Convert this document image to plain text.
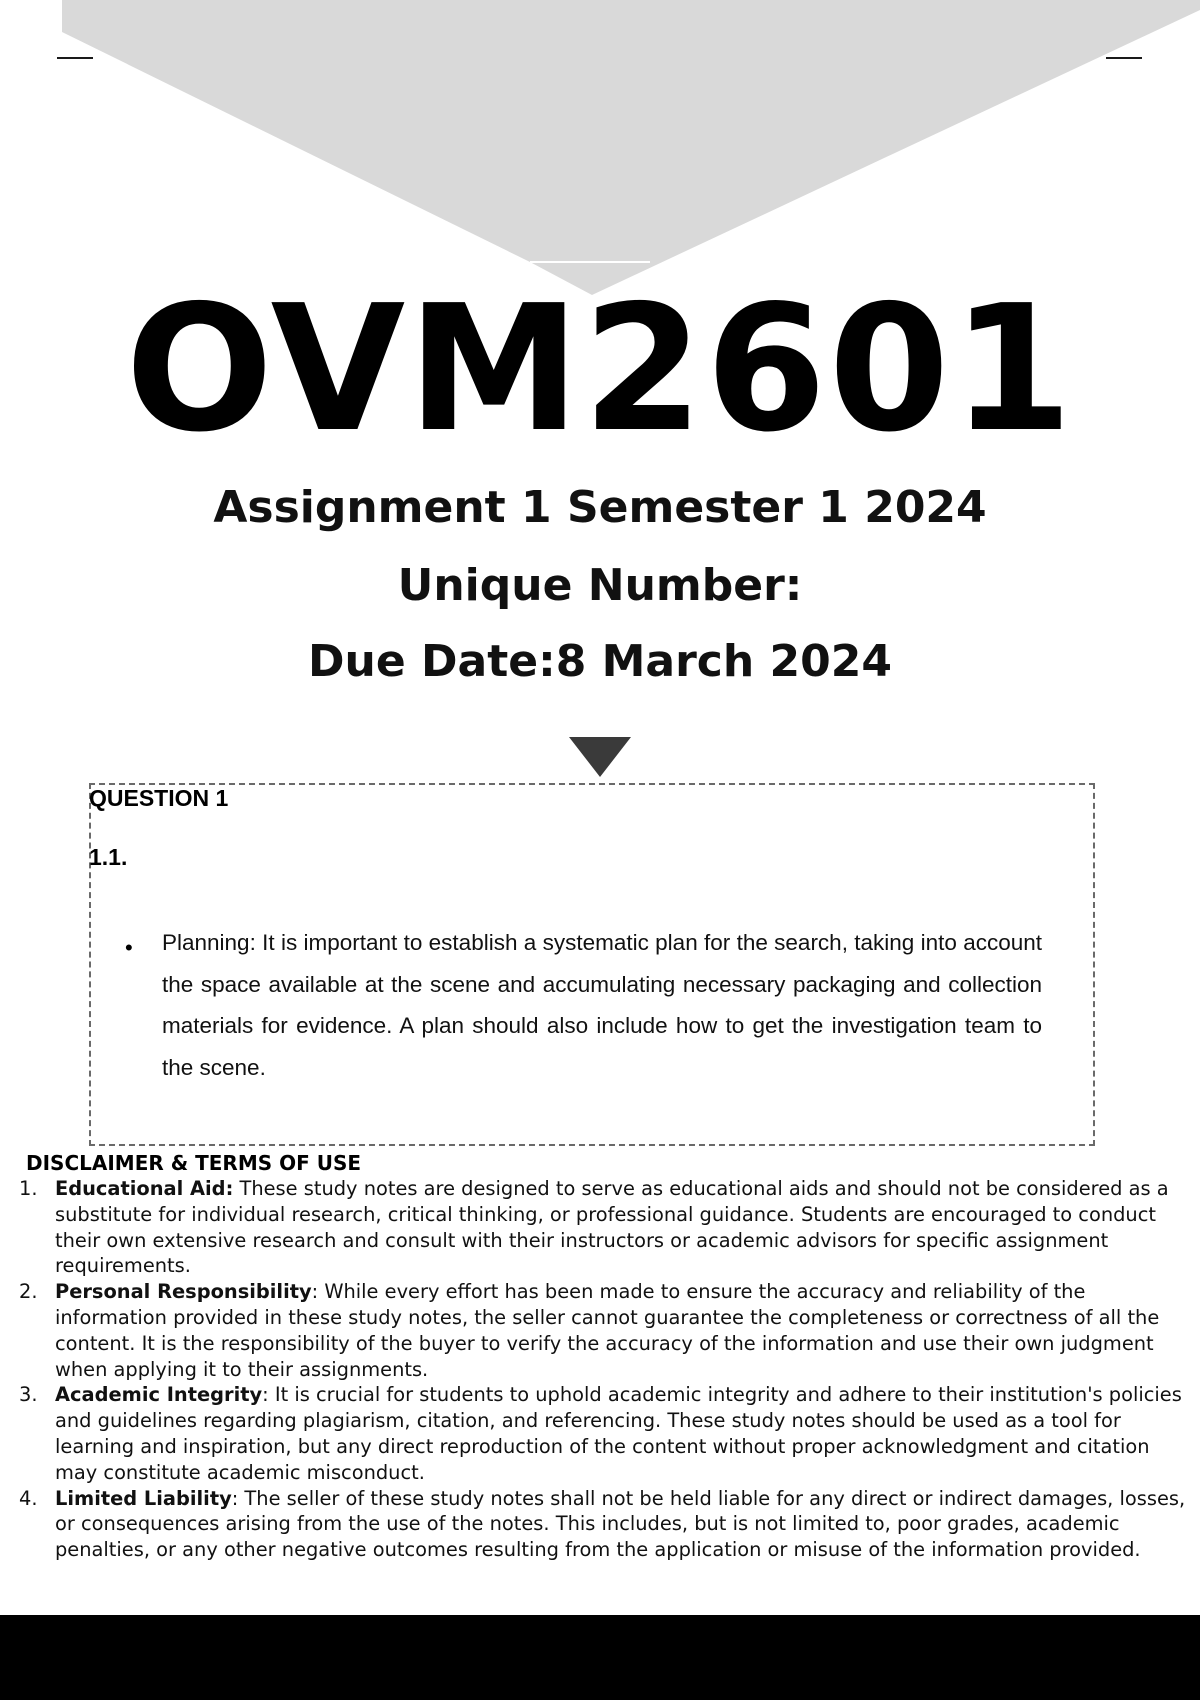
OVM2601
Assignment 1 Semester 1 2024
Unique Number:
Due Date:8 March 2024
QUESTION 1
1.1.
•	Planning: It is important to establish a systematic plan for the search, taking into account the space available at the scene and accumulating necessary packaging and collection materials for evidence. A plan should also include how to get the investigation team to the scene.

DISCLAIMER & TERMS OF USE
1. Educational Aid: These study notes are designed to serve as educational aids and should not be considered as a substitute for individual research, critical thinking, or professional guidance. Students are encouraged to conduct their own extensive research and consult with their instructors or academic advisors for specific assignment requirements.
2. Personal Responsibility: While every effort has been made to ensure the accuracy and reliability of the information provided in these study notes, the seller cannot guarantee the completeness or correctness of all the content. It is the responsibility of the buyer to verify the accuracy of the information and use their own judgment when applying it to their assignments.
3. Academic Integrity: It is crucial for students to uphold academic integrity and adhere to their institution's policies and guidelines regarding plagiarism, citation, and referencing. These study notes should be used as a tool for learning and inspiration, but any direct reproduction of the content without proper acknowledgment and citation may constitute academic misconduct.
4. Limited Liability: The seller of these study notes shall not be held liable for any direct or indirect damages, losses, or consequences arising from the use of the notes. This includes, but is not limited to, poor grades, academic penalties, or any other negative outcomes resulting from the application or misuse of the information provided.
